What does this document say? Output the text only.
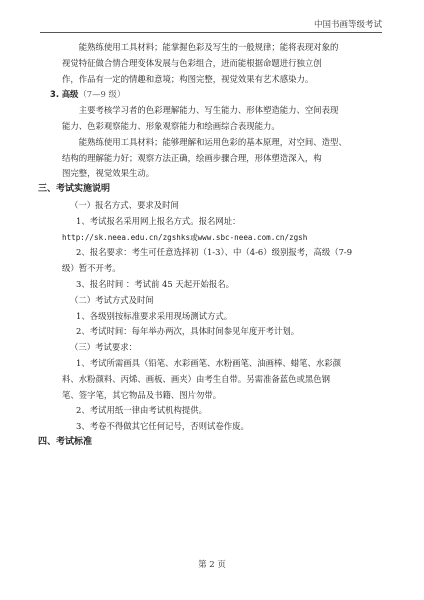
中国书画等级考试

能熟练使用工具材料；能掌握色彩及写生的一般规律；能将表现对象的

视觉特征做合情合理变体发展与色彩组合，进而能根据命题进行独立创

作，作品有一定的情趣和意境；构图完整，视觉效果有艺术感染力。

3. 高级（7—9 级）

主要考核学习者的色彩理解能力、写生能力、形体塑造能力、空间表现

能力、色彩观察能力、形象观察能力和绘画综合表现能力。

能熟练使用工具材料；能够理解和运用色彩的基本原理，对空间、造型、

结构的理解能力好；观察方法正确，绘画步骤合理，形体塑造深入，构

图完整，视觉效果生动。

三、考试实施说明

（一）报名方式、要求及时间

1、考试报名采用网上报名方式。报名网址：

http://sk.neea.edu.cn/zgshks或www.sbc-neea.com.cn/zgsh

2、报名要求：考生可任意选择初（1-3）、中（4-6）级别报考，高级（7-9

级）暂不开考。

3、报名时间 ：考试前 45 天起开始报名。

（二）考试方式及时间

1、各级别按标准要求采用现场测试方式。

2、考试时间：每年举办两次，具体时间参见年度开考计划。

（三）考试要求：

1、考试所需画具（铅笔、水彩画笔、水粉画笔、油画棒、蜡笔、水彩颜

料、水粉颜料、丙烯、画板、画夹）由考生自带。另需准备蓝色或黑色钢

笔、签字笔，其它物品及书籍、图片勿带。

2、考试用纸一律由考试机构提供。

3、考卷不得做其它任何记号，否则试卷作废。

四、考试标准

第 2 页
